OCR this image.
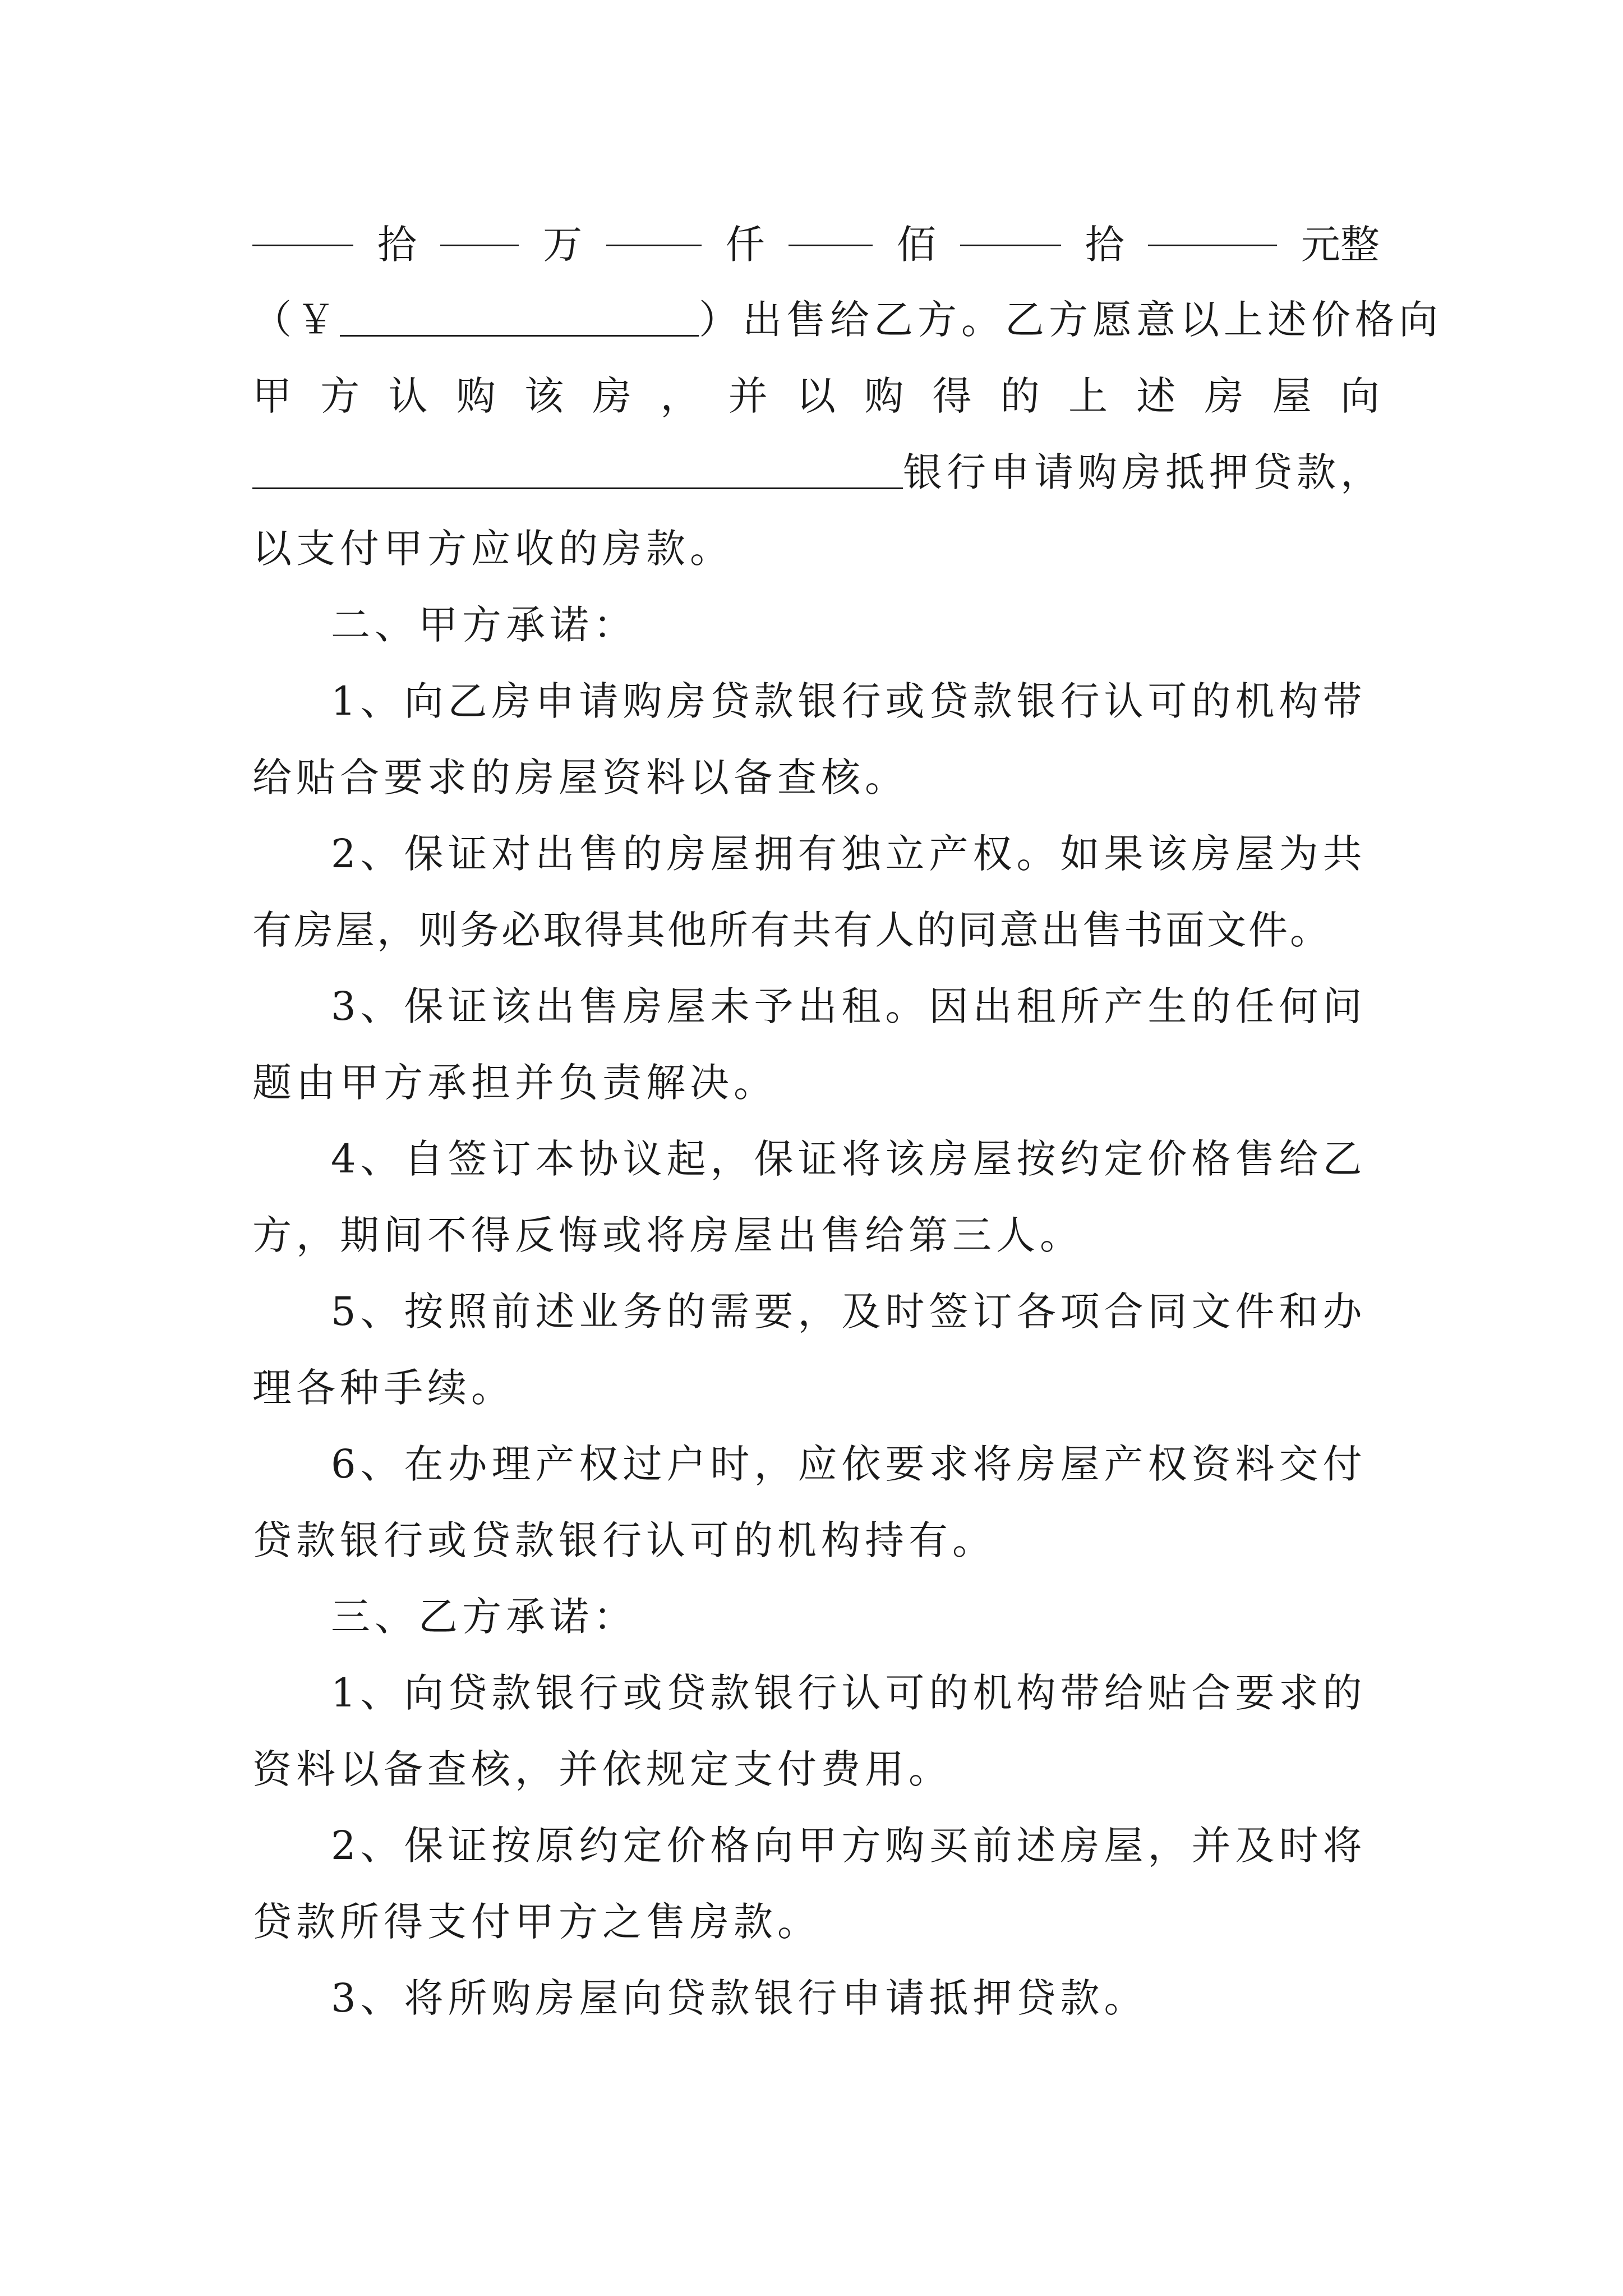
拾	万	仟	佰	拾	元整
（￥	）出售给乙方。乙方愿意以上述价格向
甲 方 认 购 该 房 ， 并 以 购 得 的 上 述 房 屋 向
银行申请购房抵押贷款，
以支付甲方应收的房款。
二、甲方承诺：
1、向乙房申请购房贷款银行或贷款银行认可的机构带
给贴合要求的房屋资料以备查核。
2、保证对出售的房屋拥有独立产权。如果该房屋为共
有房屋，则务必取得其他所有共有人的同意出售书面文件。
3、保证该出售房屋未予出租。因出租所产生的任何问
题由甲方承担并负责解决。
4、自签订本协议起，保证将该房屋按约定价格售给乙
方，期间不得反悔或将房屋出售给第三人。
5、按照前述业务的需要，及时签订各项合同文件和办
理各种手续。
6、在办理产权过户时，应依要求将房屋产权资料交付
贷款银行或贷款银行认可的机构持有。
三、乙方承诺：
1、向贷款银行或贷款银行认可的机构带给贴合要求的
资料以备查核，并依规定支付费用。
2、保证按原约定价格向甲方购买前述房屋，并及时将
贷款所得支付甲方之售房款。
3、将所购房屋向贷款银行申请抵押贷款。
